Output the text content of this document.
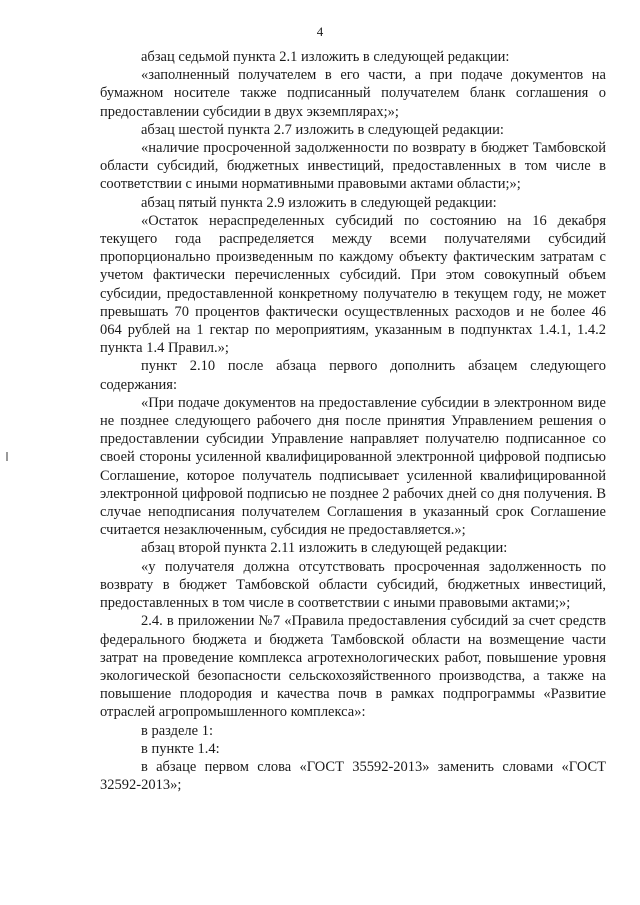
4

абзац седьмой пункта 2.1 изложить в следующей редакции:

«заполненный получателем в его части, а при подаче документов на бумажном носителе также подписанный получателем бланк соглашения о предоставлении субсидии в двух экземплярах;»;

абзац шестой пункта 2.7 изложить в следующей редакции:

«наличие просроченной задолженности по возврату в бюджет Тамбовской области субсидий, бюджетных инвестиций, предоставленных в том числе в соответствии с иными нормативными правовыми актами области;»;

абзац пятый пункта 2.9 изложить в следующей редакции:

«Остаток нераспределенных субсидий по состоянию на 16 декабря текущего года распределяется между всеми получателями субсидий пропорционально произведенным по каждому объекту фактическим затратам с учетом фактически перечисленных субсидий. При этом совокупный объем субсидии, предоставленной конкретному получателю в текущем году, не может превышать 70 процентов фактически осуществленных расходов и не более 46 064 рублей на 1 гектар по мероприятиям, указанным в подпунктах 1.4.1, 1.4.2 пункта 1.4 Правил.»;

пункт 2.10 после абзаца первого дополнить абзацем следующего содержания:

«При подаче документов на предоставление субсидии в электронном виде не позднее следующего рабочего дня после принятия Управлением решения о предоставлении субсидии Управление направляет получателю подписанное со своей стороны усиленной квалифицированной электронной цифровой подписью Соглашение, которое получатель подписывает усиленной квалифицированной электронной цифровой подписью не позднее 2 рабочих дней со дня получения. В случае неподписания получателем Соглашения в указанный срок Соглашение считается незаключенным, субсидия не предоставляется.»;

абзац второй пункта 2.11 изложить в следующей редакции:

«у получателя должна отсутствовать просроченная задолженность по возврату в бюджет Тамбовской области субсидий, бюджетных инвестиций, предоставленных в том числе в соответствии с иными правовыми актами;»;

2.4. в приложении №7 «Правила предоставления субсидий за счет средств федерального бюджета и бюджета Тамбовской области на возмещение части затрат на проведение комплекса агротехнологических работ, повышение уровня экологической безопасности сельскохозяйственного производства, а также на повышение плодородия и качества почв в рамках подпрограммы «Развитие отраслей агропромышленного комплекса»:

в разделе 1:

в пункте 1.4:

в абзаце первом слова «ГОСТ 35592-2013» заменить словами «ГОСТ 32592-2013»;
